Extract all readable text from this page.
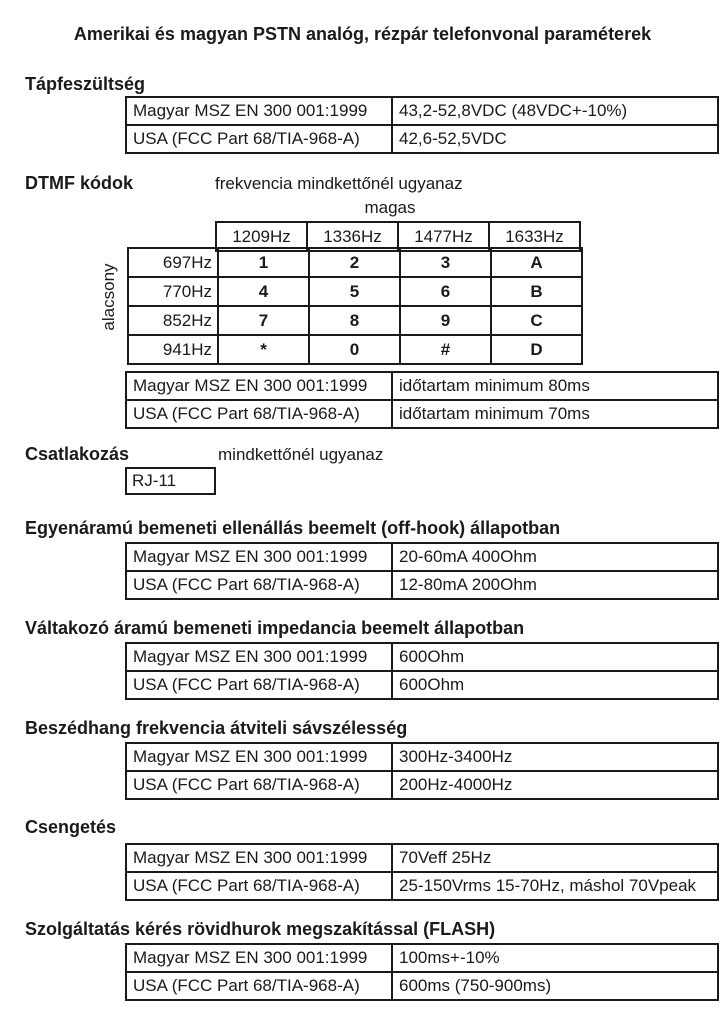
Amerikai és magyan PSTN analóg, rézpár telefonvonal paraméterek
Tápfeszültség
Magyar MSZ EN 300 001:1999	43,2-52,8VDC (48VDC+-10%)
USA (FCC Part 68/TIA-968-A)	42,6-52,5VDC
DTMF kódok	frekvencia mindkettőnél ugyanaz
magas
1209Hz	1336Hz	1477Hz	1633Hz
697Hz	1	2	3	A
770Hz	4	5	6	B
852Hz	7	8	9	C
941Hz	*	0	#	D
alacsony
Magyar MSZ EN 300 001:1999	időtartam minimum 80ms
USA (FCC Part 68/TIA-968-A)	időtartam minimum 70ms
Csatlakozás	mindkettőnél ugyanaz
RJ-11
Egyenáramú bemeneti ellenállás beemelt (off-hook) állapotban
Magyar MSZ EN 300 001:1999	20-60mA 400Ohm
USA (FCC Part 68/TIA-968-A)	12-80mA 200Ohm
Váltakozó áramú bemeneti impedancia beemelt állapotban
Magyar MSZ EN 300 001:1999	600Ohm
USA (FCC Part 68/TIA-968-A)	600Ohm
Beszédhang frekvencia átviteli sávszélesség
Magyar MSZ EN 300 001:1999	300Hz-3400Hz
USA (FCC Part 68/TIA-968-A)	200Hz-4000Hz
Csengetés
Magyar MSZ EN 300 001:1999	70Veff 25Hz
USA (FCC Part 68/TIA-968-A)	25-150Vrms 15-70Hz, máshol 70Vpeak
Szolgáltatás kérés rövidhurok megszakítással (FLASH)
Magyar MSZ EN 300 001:1999	100ms+-10%
USA (FCC Part 68/TIA-968-A)	600ms (750-900ms)
